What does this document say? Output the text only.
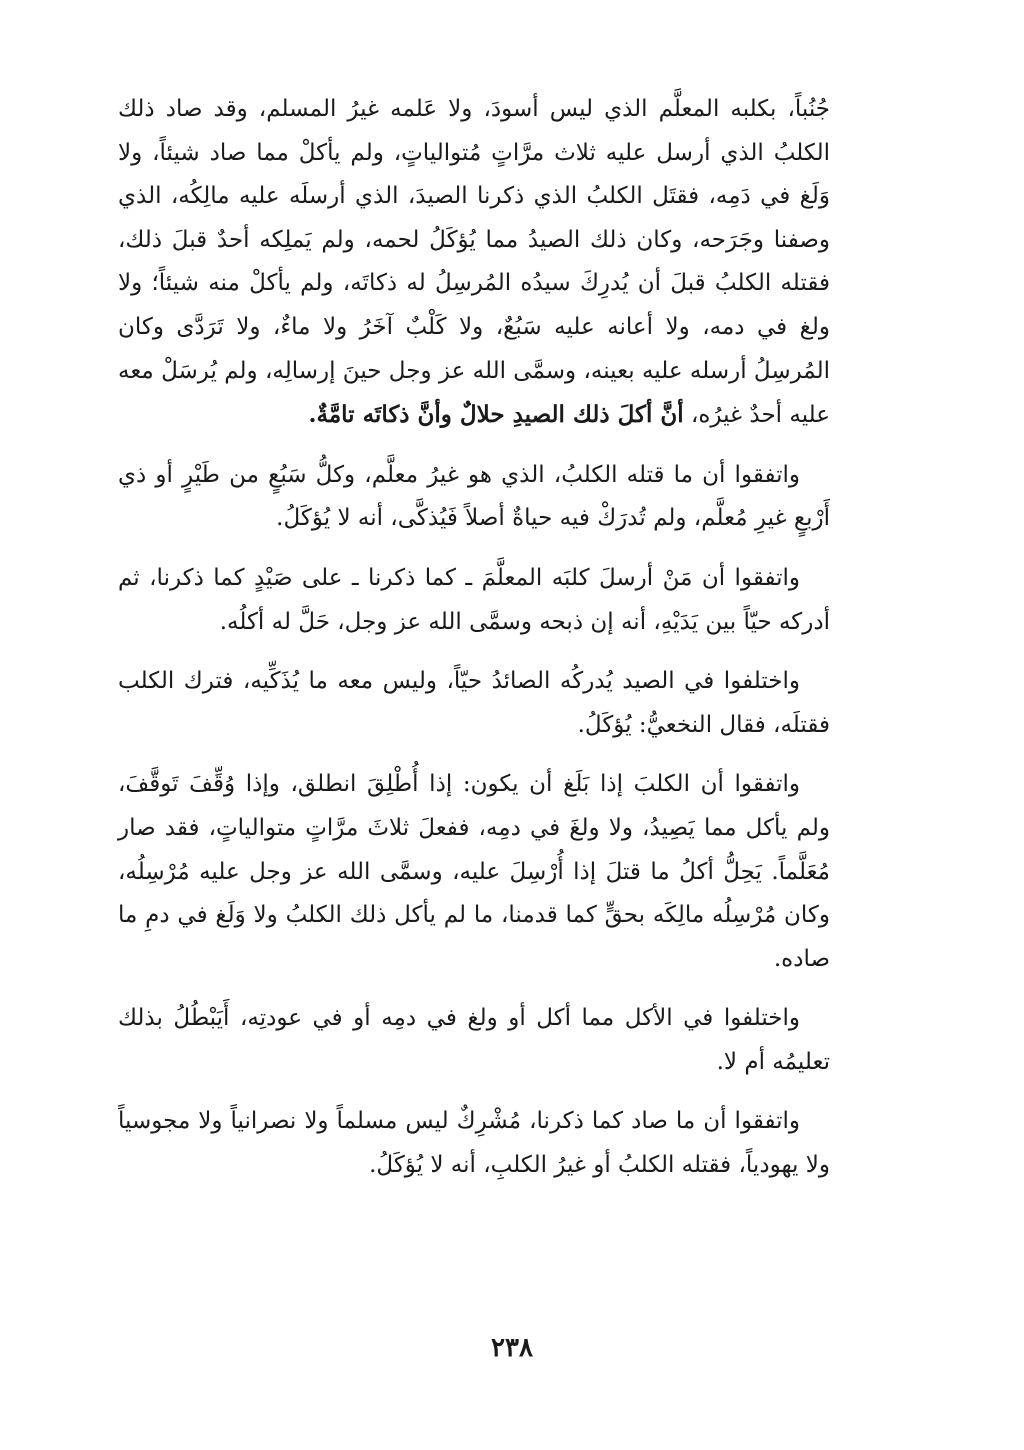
جُنُباً، بكلبه المعلَّم الذي ليس أسودَ، ولا عَلمه غيرُ المسلم، وقد صاد ذلك الكلبُ الذي أرسل عليه ثلاث مرَّاتٍ مُتوالياتٍ، ولم يأكلْ مما صاد شيئاً، ولا وَلَغ في دَمِه، فقتَل الكلبُ الذي ذكرنا الصيدَ، الذي أرسلَه عليه مالِكُه، الذي وصفنا وجَرَحه، وكان ذلك الصيدُ مما يُؤكَلُ لحمه، ولم يَملِكه أحدٌ قبلَ ذلك، فقتله الكلبُ قبلَ أن يُدرِكَ سيدُه المُرسِلُ له ذكاتَه، ولم يأكلْ منه شيئاً؛ ولا ولغ في دمه، ولا أعانه عليه سَبُعٌ، ولا كَلْبٌ آخَرُ ولا ماءٌ، ولا تَرَدَّى وكان المُرسِلُ أرسله عليه بعينه، وسمَّى الله عز وجل حينَ إرسالِه، ولم يُرسَلْ معه عليه أحدٌ غيرُه، أنَّ أكلَ ذلك الصيدِ حلالٌ وأنَّ ذكاتَه تامَّةٌ.

واتفقوا أن ما قتله الكلبُ، الذي هو غيرُ معلَّم، وكلُّ سَبُعٍ من طَيْرٍ أو ذي أَرْبعٍ غيرِ مُعلَّم، ولم تُدرَكْ فيه حياةٌ أصلاً فَيُذكَّى، أنه لا يُؤكَلُ.

واتفقوا أن مَنْ أرسلَ كلبَه المعلَّمَ ـ كما ذكرنا ـ على صَيْدٍ كما ذكرنا، ثم أدركه حيّاً بين يَدَيْهِ، أنه إن ذبحه وسمَّى الله عز وجل، حَلَّ له أكلُه.

واختلفوا في الصيد يُدركُه الصائدُ حيّاً، وليس معه ما يُذَكِّيه، فترك الكلب فقتلَه، فقال النخعيُّ: يُؤكَلُ.

واتفقوا أن الكلبَ إذا بَلَغ أن يكون: إذا أُطْلِقَ انطلق، وإذا وُقِّفَ تَوقَّفَ، ولم يأكل مما يَصِيدُ، ولا ولغَ في دمِه، ففعلَ ثلاثَ مرَّاتٍ متوالياتٍ، فقد صار مُعَلَّماً. يَحِلُّ أكلُ ما قتلَ إذا أُرْسِلَ عليه، وسمَّى الله عز وجل عليه مُرْسِلُه، وكان مُرْسِلُه مالِكَه بحقٍّ كما قدمنا، ما لم يأكل ذلك الكلبُ ولا وَلَغ في دمِ ما صاده.

واختلفوا في الأكل مما أكل أو ولغ في دمِه أو في عودتِه، أَيَبْطُلُ بذلك تعليمُه أم لا.

واتفقوا أن ما صاد كما ذكرنا، مُشْرِكٌ ليس مسلماً ولا نصرانياً ولا مجوسياً ولا يهودياً، فقتله الكلبُ أو غيرُ الكلبِ، أنه لا يُؤكَلُ.

٢٣٨
